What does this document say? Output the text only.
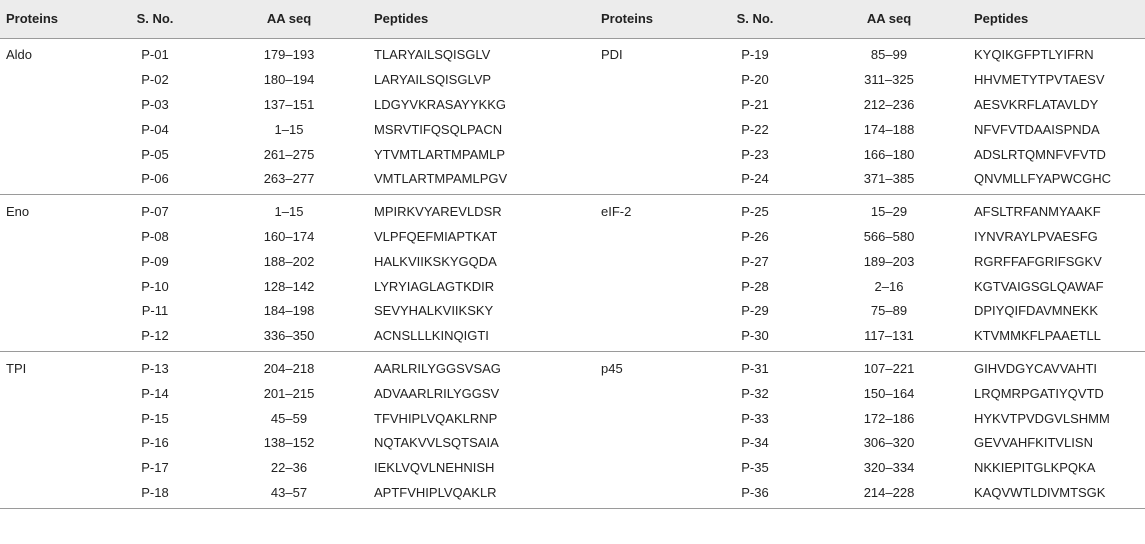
Proteins	S. No.	AA seq	Peptides	Proteins	S. No.	AA seq	Peptides
Aldo	P-01	179–193	TLARYAILSQISGLV	PDI	P-19	85–99	KYQIKGFPTLYIFRN
	P-02	180–194	LARYAILSQISGLVP		P-20	311–325	HHVMETYTPVTAESV
	P-03	137–151	LDGYVKRASAYYKKG		P-21	212–236	AESVKRFLATAVLDY
	P-04	1–15	MSRVTIFQSQLPACN		P-22	174–188	NFVFVTDAAISPNDA
	P-05	261–275	YTVMTLARTMPAMLP		P-23	166–180	ADSLRTQMNFVFVTD
	P-06	263–277	VMTLARTMPAMLPGV		P-24	371–385	QNVMLLFYAPWCGHC
Eno	P-07	1–15	MPIRKVYAREVLDSR	eIF-2	P-25	15–29	AFSLTRFANMYAAKF
	P-08	160–174	VLPFQEFMIAPTKAT		P-26	566–580	IYNVRAYLPVAESFG
	P-09	188–202	HALKVIIKSKYGQDA		P-27	189–203	RGRFFAFGRIFSGKV
	P-10	128–142	LYRYIAGLAGTKDIR		P-28	2–16	KGTVAIGSGLQAWAF
	P-11	184–198	SEVYHALKVIIKSKY		P-29	75–89	DPIYQIFDAVMNEKK
	P-12	336–350	ACNSLLLKINQIGTI		P-30	117–131	KTVMMKFLPAAETLL
TPI	P-13	204–218	AARLRILYGGSVSAG	p45	P-31	107–221	GIHVDGYCAVVAHTI
	P-14	201–215	ADVAARLRILYGGSV		P-32	150–164	LRQMRPGATIYQVTD
	P-15	45–59	TFVHIPLVQAKLRNP		P-33	172–186	HYKVTPVDGVLSHMM
	P-16	138–152	NQTAKVVLSQTSAIA		P-34	306–320	GEVVAHFKITVLISN
	P-17	22–36	IEKLVQVLNEHNISH		P-35	320–334	NKKIEPITGLKPQKA
	P-18	43–57	APTFVHIPLVQAKLR		P-36	214–228	KAQVWTLDIVMTSGK
